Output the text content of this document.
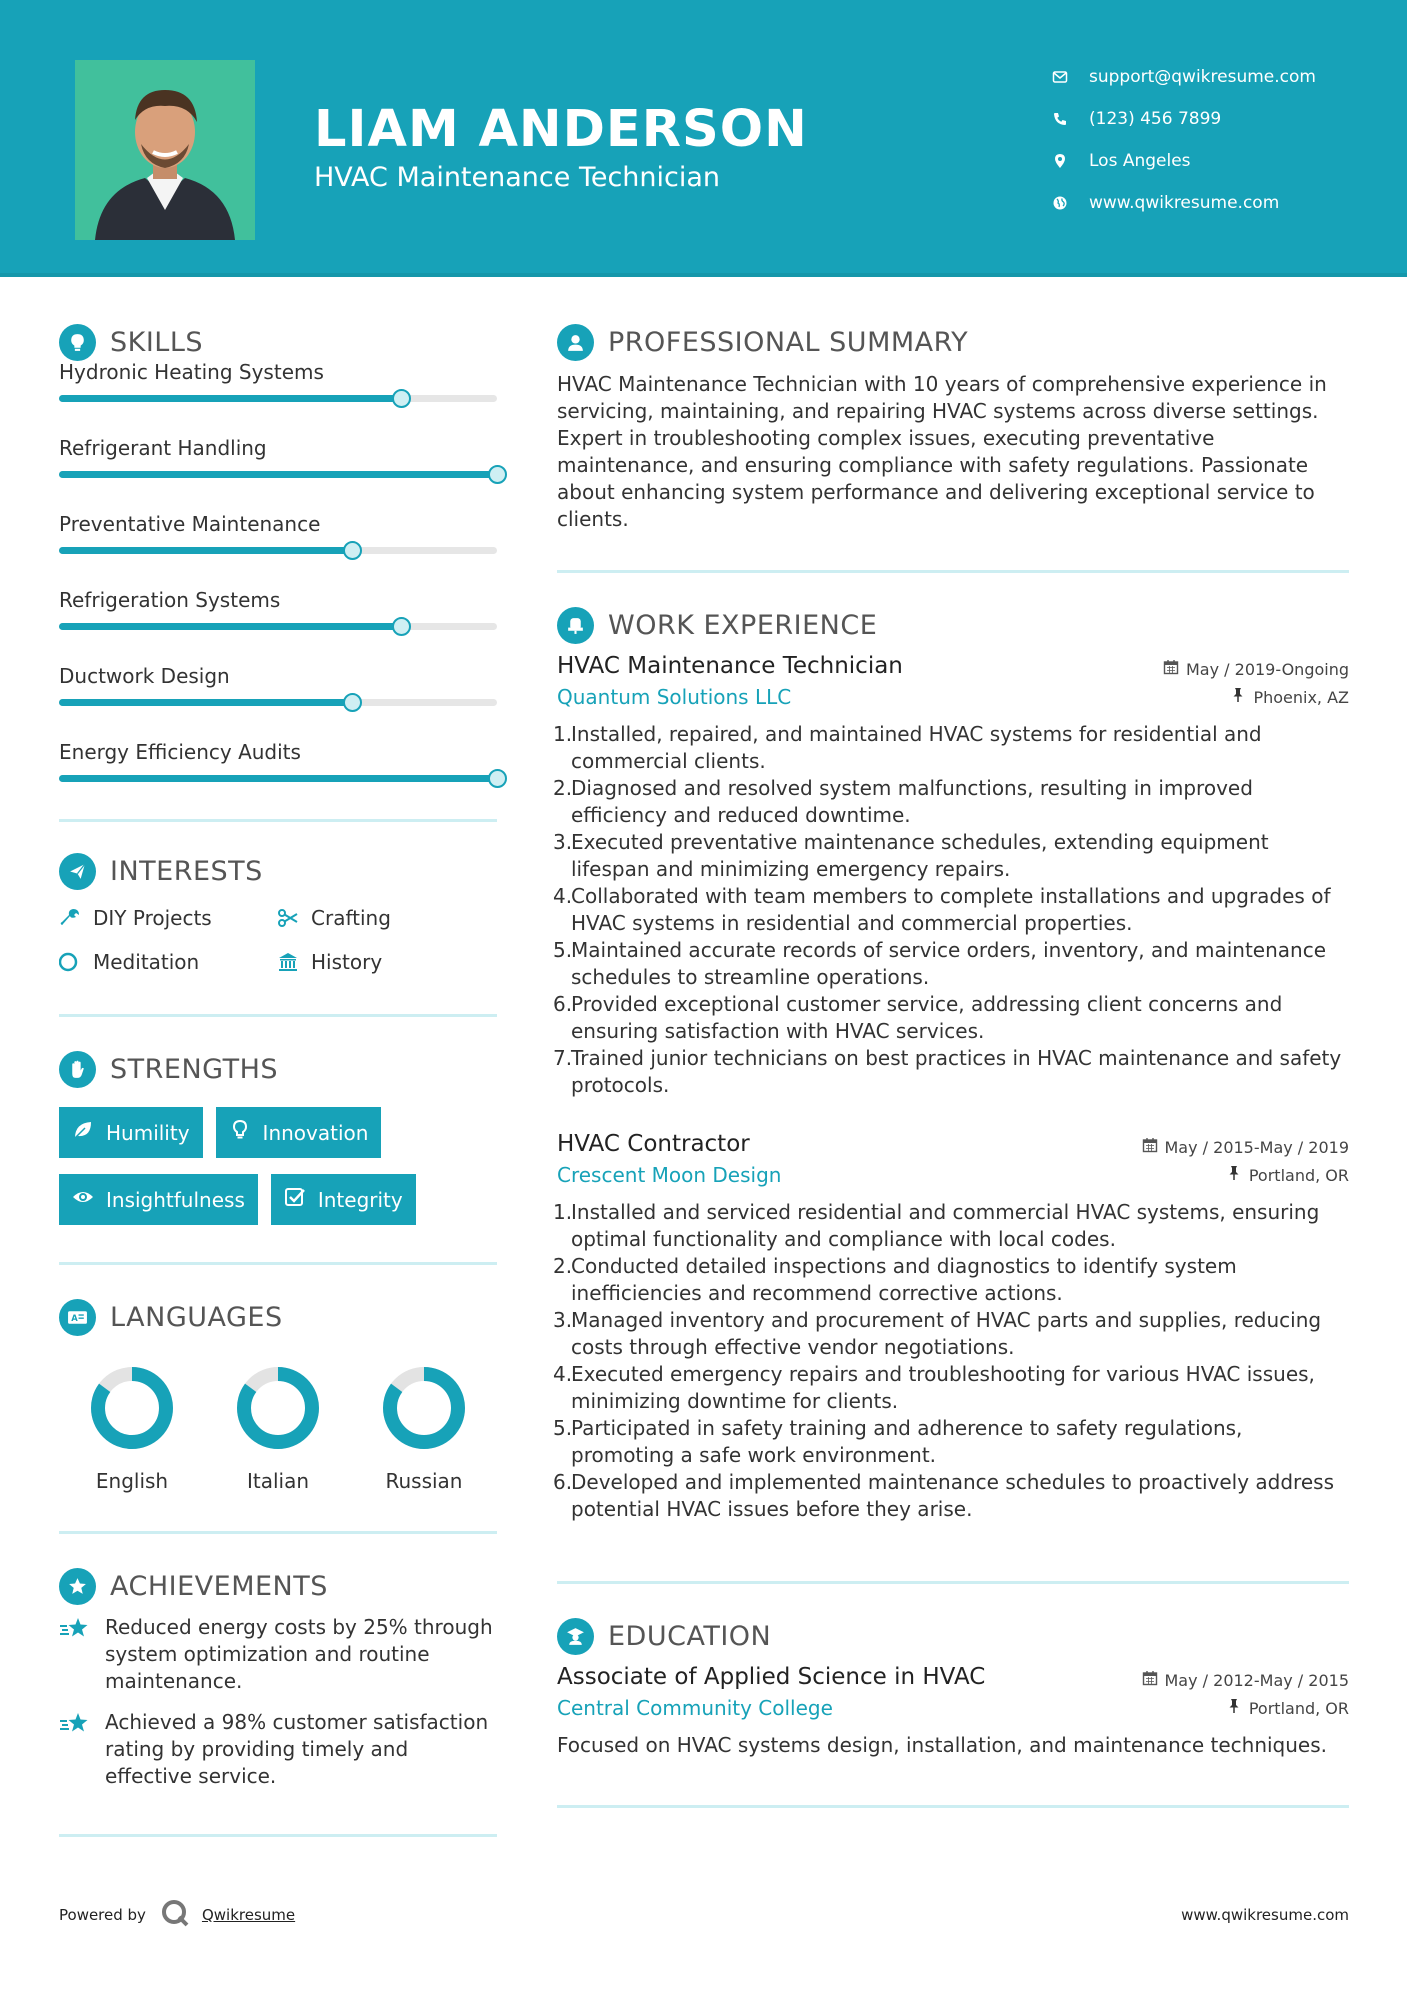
LIAM ANDERSON
HVAC Maintenance Technician
support@qwikresume.com
(123) 456 7899
Los Angeles
www.qwikresume.com
SKILLS
Hydronic Heating Systems
Refrigerant Handling
Preventative Maintenance
Refrigeration Systems
Ductwork Design
Energy Efficiency Audits
INTERESTS
DIY Projects	Crafting
Meditation	History
STRENGTHS
Humility	Innovation
Insightfulness	Integrity
A LANGUAGES
English	Italian	Russian
ACHIEVEMENTS
Reduced energy costs by 25% through system optimization and routine maintenance.
Achieved a 98% customer satisfaction rating by providing timely and effective service.
PROFESSIONAL SUMMARY

HVAC Maintenance Technician with 10 years of comprehensive experience in servicing, maintaining, and repairing HVAC systems across diverse settings. Expert in troubleshooting complex issues, executing preventative maintenance, and ensuring compliance with safety regulations. Passionate about enhancing system performance and delivering exceptional service to clients.

WORK EXPERIENCE
HVAC Maintenance Technician	May / 2019-Ongoing
Quantum Solutions LLC	Phoenix, AZ
1.
Installed, repaired, and maintained HVAC systems for residential and commercial clients.
2.
Diagnosed and resolved system malfunctions, resulting in improved efficiency and reduced downtime.
3.
Executed preventative maintenance schedules, extending equipment lifespan and minimizing emergency repairs.
4.
Collaborated with team members to complete installations and upgrades of HVAC systems in residential and commercial properties.
5.
Maintained accurate records of service orders, inventory, and maintenance schedules to streamline operations.
6.
Provided exceptional customer service, addressing client concerns and ensuring satisfaction with HVAC services.
7.
Trained junior technicians on best practices in HVAC maintenance and safety protocols.
HVAC Contractor	May / 2015-May / 2019
Crescent Moon Design	Portland, OR
1.
Installed and serviced residential and commercial HVAC systems, ensuring optimal functionality and compliance with local codes.
2.
Conducted detailed inspections and diagnostics to identify system inefficiencies and recommend corrective actions.
3.
Managed inventory and procurement of HVAC parts and supplies, reducing costs through effective vendor negotiations.
4.
Executed emergency repairs and troubleshooting for various HVAC issues, minimizing downtime for clients.
5.
Participated in safety training and adherence to safety regulations, promoting a safe work environment.
6.
Developed and implemented maintenance schedules to proactively address potential HVAC issues before they arise.
EDUCATION
Associate of Applied Science in HVAC	May / 2012-May / 2015
Central Community College	Portland, OR

Focused on HVAC systems design, installation, and maintenance techniques.

Powered by	Qwikresume	www.qwikresume.com
